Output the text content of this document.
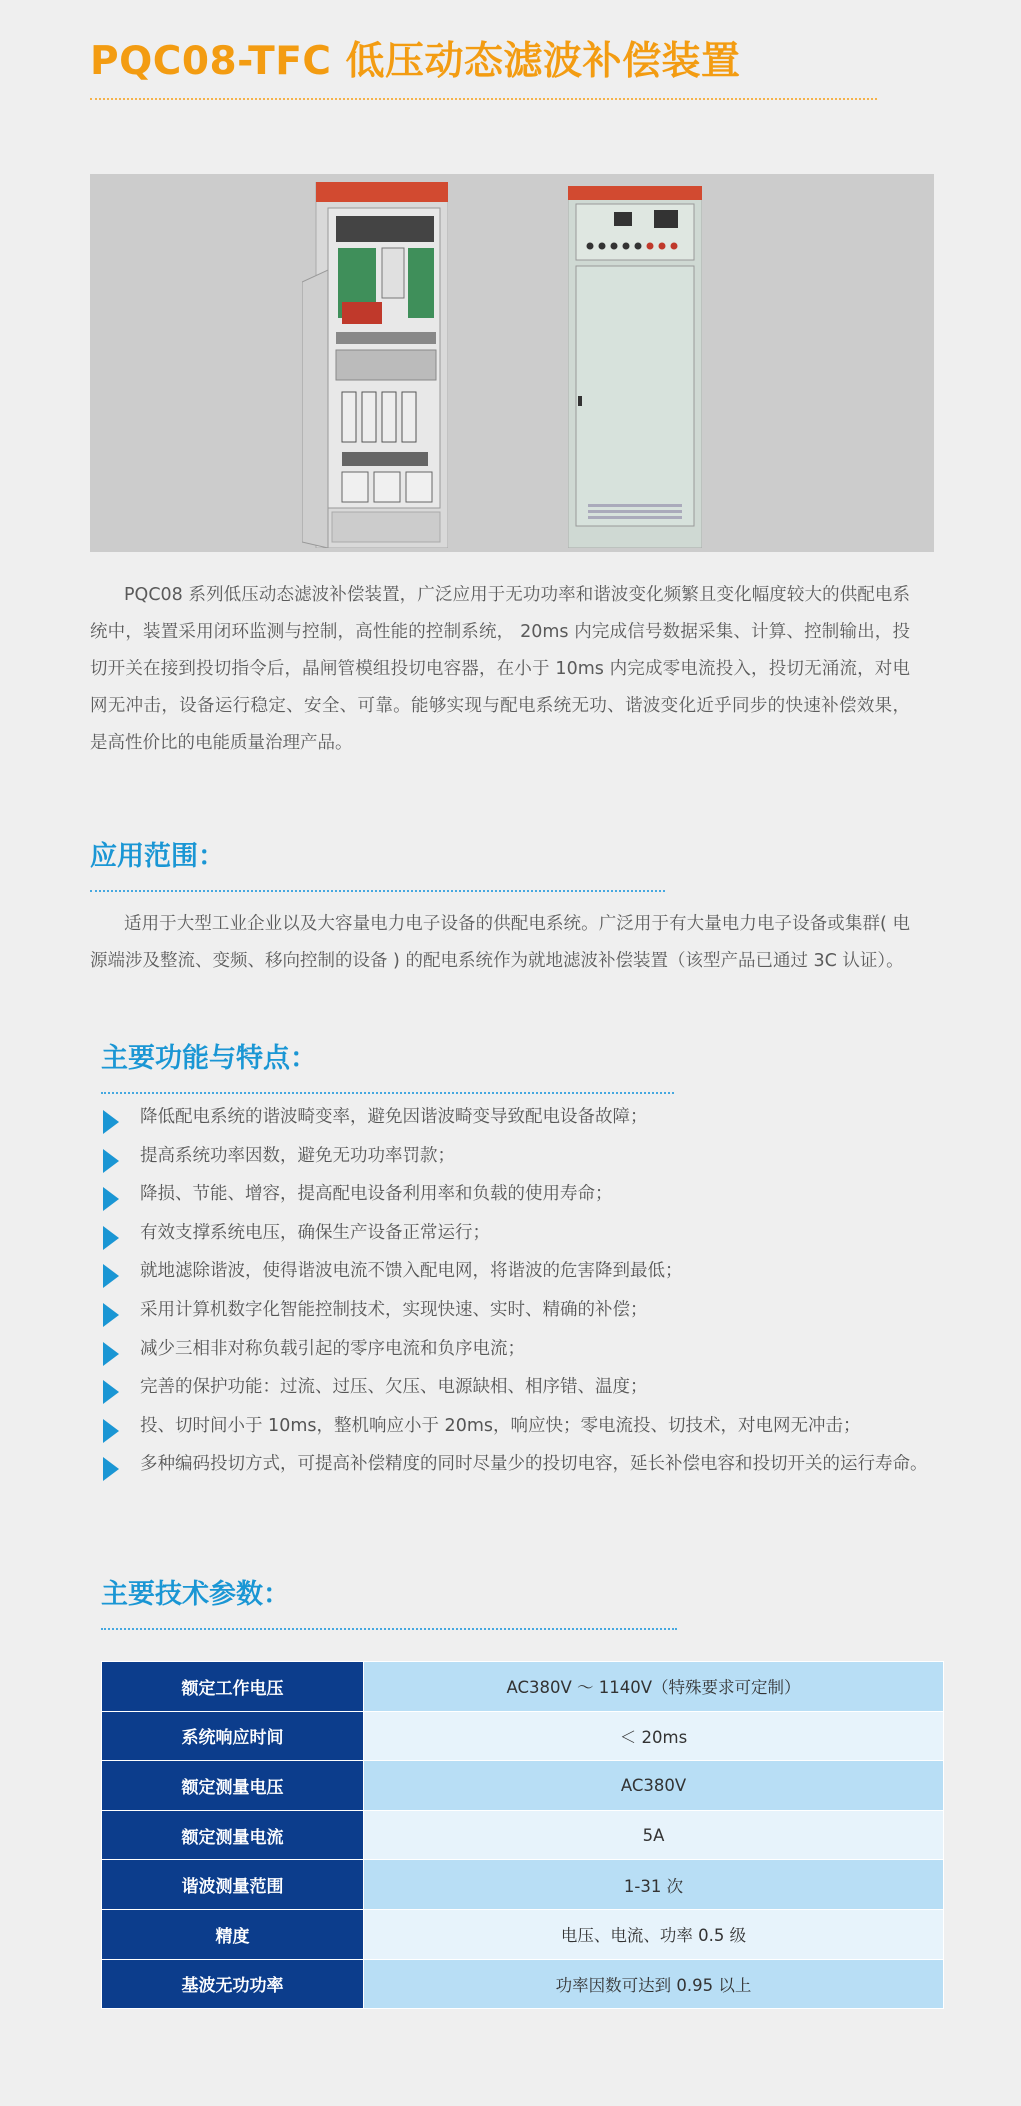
PQC08-TFC 低压动态滤波补偿装置
PQC08 系列低压动态滤波补偿装置，广泛应用于无功功率和谐波变化频繁且变化幅度较大的供配电系统中，装置采用闭环监测与控制，高性能的控制系统， 20ms 内完成信号数据采集、计算、控制输出，投切开关在接到投切指令后，晶闸管模组投切电容器，在小于 10ms 内完成零电流投入，投切无涌流，对电网无冲击，设备运行稳定、安全、可靠。能够实现与配电系统无功、谐波变化近乎同步的快速补偿效果，是高性价比的电能质量治理产品。
应用范围：
适用于大型工业企业以及大容量电力电子设备的供配电系统。广泛用于有大量电力电子设备或集群( 电源端涉及整流、变频、移向控制的设备 ) 的配电系统作为就地滤波补偿装置（该型产品已通过 3C 认证）。
主要功能与特点：
降低配电系统的谐波畸变率，避免因谐波畸变导致配电设备故障；
提高系统功率因数，避免无功功率罚款；
降损、节能、增容，提高配电设备利用率和负载的使用寿命；
有效支撑系统电压，确保生产设备正常运行；
就地滤除谐波，使得谐波电流不馈入配电网，将谐波的危害降到最低；
采用计算机数字化智能控制技术，实现快速、实时、精确的补偿；
减少三相非对称负载引起的零序电流和负序电流；
完善的保护功能：过流、过压、欠压、电源缺相、相序错、温度；
投、切时间小于 10ms，整机响应小于 20ms，响应快；零电流投、切技术，对电网无冲击；
多种编码投切方式，可提高补偿精度的同时尽量少的投切电容，延长补偿电容和投切开关的运行寿命。
主要技术参数：
额定工作电压	AC380V ～ 1140V（特殊要求可定制）
系统响应时间	＜ 20ms
额定测量电压	AC380V
额定测量电流	5A
谐波测量范围	1-31 次
精度	电压、电流、功率 0.5 级
基波无功功率	功率因数可达到 0.95 以上
